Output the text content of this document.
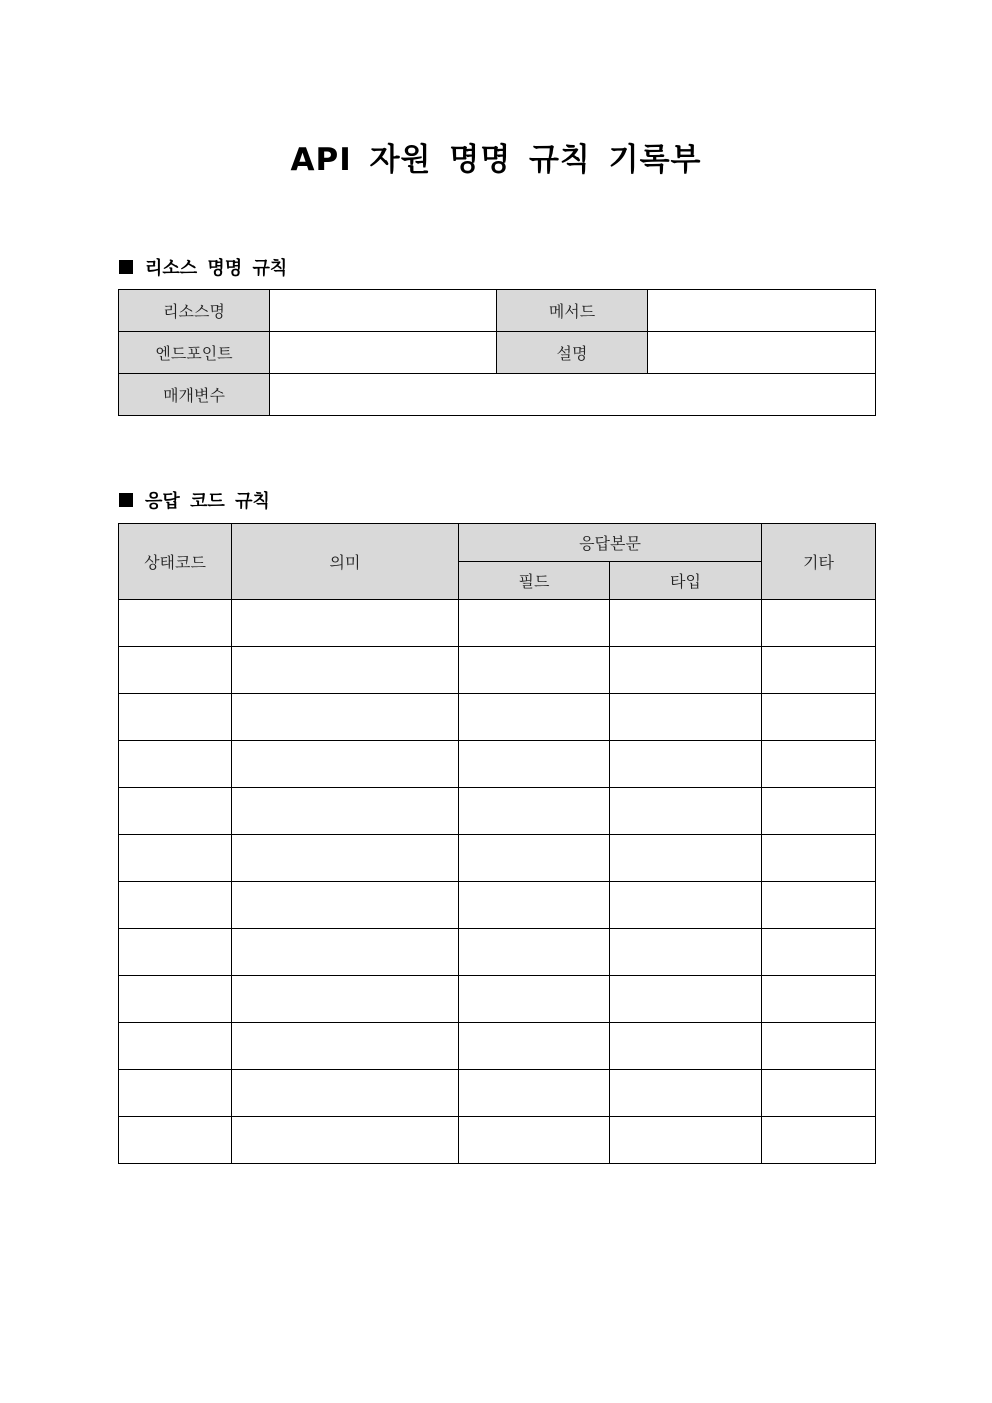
API 자원 명명 규칙 기록부
리소스 명명 규칙
리소스명		메서드	
엔드포인트		설명	
매개변수			
응답 코드 규칙
상태코드	의미	응답본문		기타
		필드	타입	
